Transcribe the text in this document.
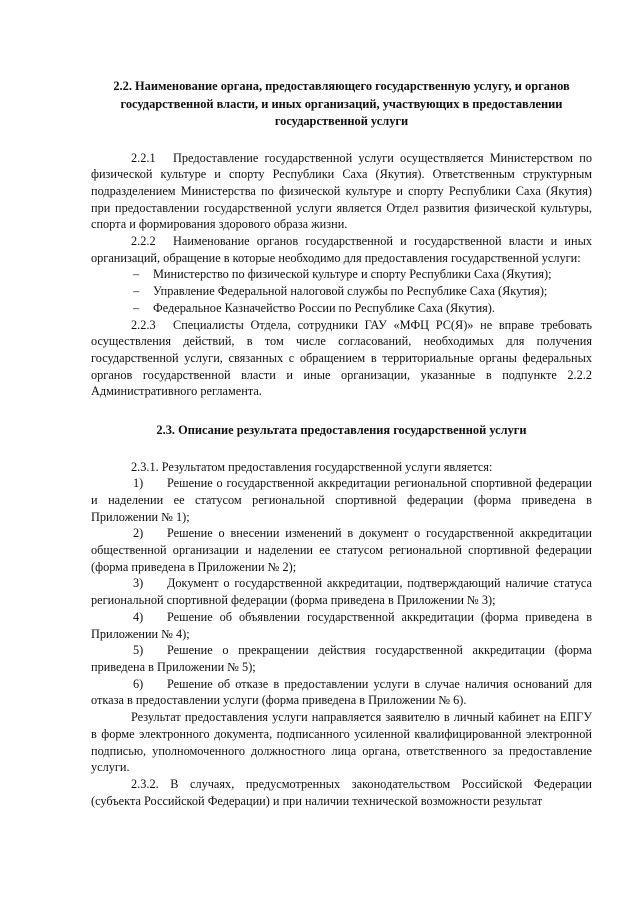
2.2. Наименование органа, предоставляющего государственную услугу, и органов государственной власти, и иных организаций, участвующих в предоставлении государственной услуги

2.2.1 Предоставление государственной услуги осуществляется Министерством по физической культуре и спорту Республики Саха (Якутия). Ответственным структурным подразделением Министерства по физической культуре и спорту Республики Саха (Якутия) при предоставлении государственной услуги является Отдел развития физической культуры, спорта и формирования здорового образа жизни.

2.2.2 Наименование органов государственной и государственной власти и иных организаций, обращение в которые необходимо для предоставления государственной услуги:

– Министерство по физической культуре и спорту Республики Саха (Якутия);
– Управление Федеральной налоговой службы по Республике Саха (Якутия);
– Федеральное Казначейство России по Республике Саха (Якутия).

2.2.3 Специалисты Отдела, сотрудники ГАУ «МФЦ РС(Я)» не вправе требовать осуществления действий, в том числе согласований, необходимых для получения государственной услуги, связанных с обращением в территориальные органы федеральных органов государственной власти и иные организации, указанные в подпункте 2.2.2 Административного регламента.

2.3. Описание результата предоставления государственной услуги

2.3.1. Результатом предоставления государственной услуги является:

1) Решение о государственной аккредитации региональной спортивной федерации и наделении ее статусом региональной спортивной федерации (форма приведена в Приложении № 1);
2) Решение о внесении изменений в документ о государственной аккредитации общественной организации и наделении ее статусом региональной спортивной федерации (форма приведена в Приложении № 2);
3) Документ о государственной аккредитации, подтверждающий наличие статуса региональной спортивной федерации (форма приведена в Приложении № 3);
4) Решение об объявлении государственной аккредитации (форма приведена в Приложении № 4);
5) Решение о прекращении действия государственной аккредитации (форма приведена в Приложении № 5);
6) Решение об отказе в предоставлении услуги в случае наличия оснований для отказа в предоставлении услуги (форма приведена в Приложении № 6).

Результат предоставления услуги направляется заявителю в личный кабинет на ЕПГУ в форме электронного документа, подписанного усиленной квалифицированной электронной подписью, уполномоченного должностного лица органа, ответственного за предоставление услуги.

2.3.2. В случаях, предусмотренных законодательством Российской Федерации (субъекта Российской Федерации) и при наличии технической возможности результат
